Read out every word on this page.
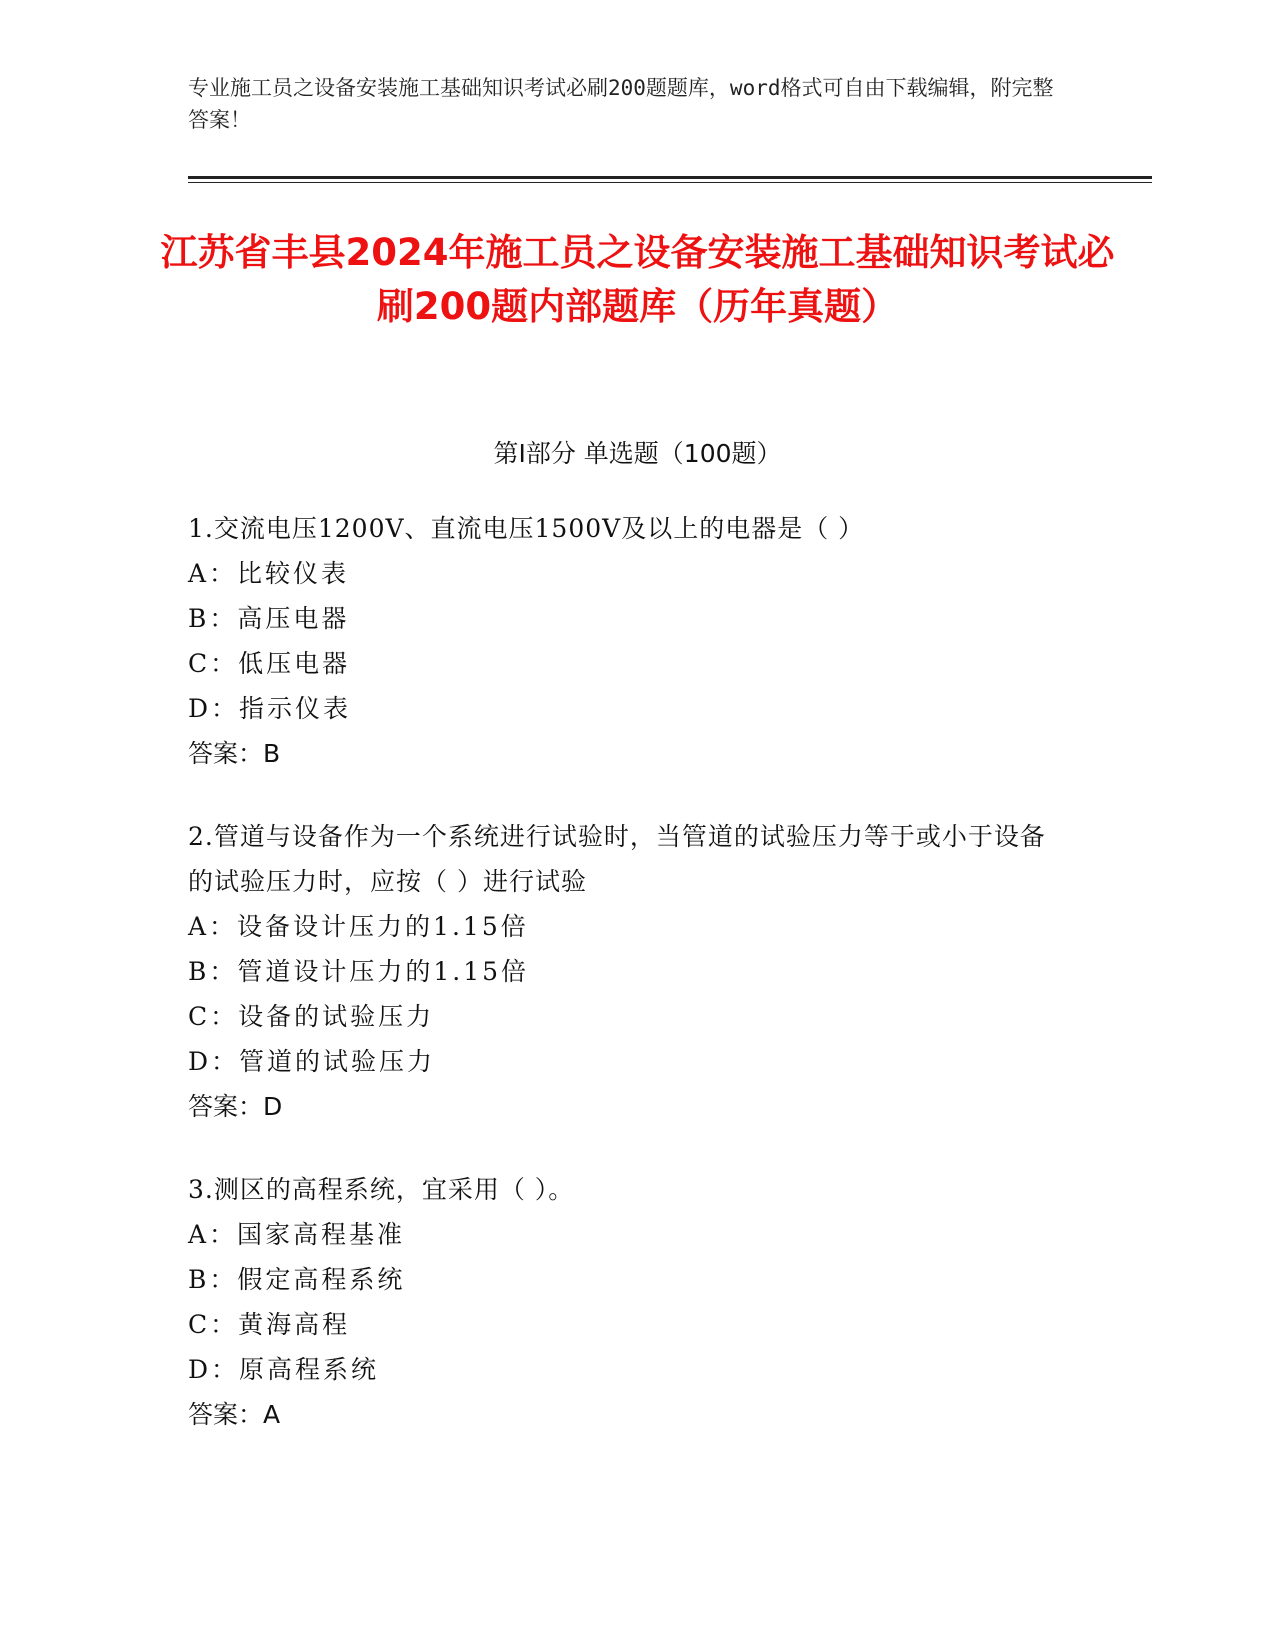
专业施工员之设备安装施工基础知识考试必刷200题题库，word格式可自由下载编辑，附完整答案！
江苏省丰县2024年施工员之设备安装施工基础知识考试必刷200题内部题库（历年真题）
第I部分 单选题（100题）
1.交流电压1200V、直流电压1500V及以上的电器是（ ）
A：比较仪表
B：高压电器
C：低压电器
D：指示仪表
答案：B
2.管道与设备作为一个系统进行试验时，当管道的试验压力等于或小于设备的试验压力时，应按（ ）进行试验
A：设备设计压力的1.15倍
B：管道设计压力的1.15倍
C：设备的试验压力
D：管道的试验压力
答案：D
3.测区的高程系统，宜采用（ ）。
A：国家高程基准
B：假定高程系统
C：黄海高程
D：原高程系统
答案：A
